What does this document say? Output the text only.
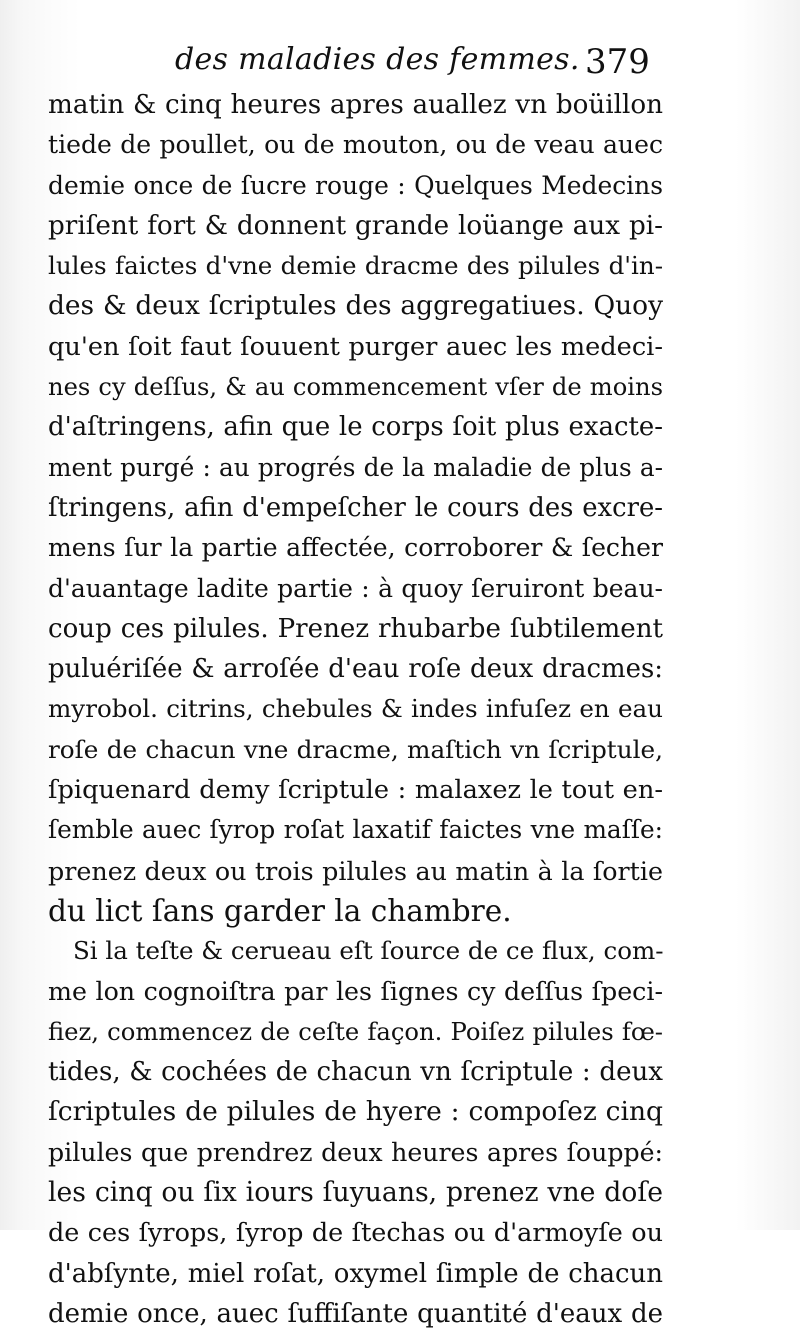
des maladies des femmes. 379
matin & cinq heures apres auallez vn boüillon
tiede de poullet, ou de mouton, ou de veau auec
demie once de ſucre rouge : Quelques Medecins
priſent fort & donnent grande loüange aux pi-
lules faictes d'vne demie dracme des pilules d'in-
des & deux ſcriptules des aggregatiues. Quoy
qu'en ſoit faut ſouuent purger auec les medeci-
nes cy deſſus, & au commencement vſer de moins
d'aſtringens, afin que le corps ſoit plus exacte-
ment purgé : au progrés de la maladie de plus a-
ſtringens, afin d'empeſcher le cours des excre-
mens ſur la partie affectée, corroborer & ſecher
d'auantage ladite partie : à quoy ſeruiront beau-
coup ces pilules. Prenez rhubarbe ſubtilement
puluériſée & arroſée d'eau roſe deux dracmes:
myrobol. citrins, chebules & indes infuſez en eau
roſe de chacun vne dracme, maſtich vn ſcriptule,
ſpiquenard demy ſcriptule : malaxez le tout en-
ſemble auec ſyrop roſat laxatif faictes vne maſſe:
prenez deux ou trois pilules au matin à la ſortie
du lict ſans garder la chambre.
Si la teſte & cerueau eſt ſource de ce flux, com-
me lon cognoiſtra par les ſignes cy deſſus ſpeci-
fiez, commencez de ceſte façon. Poiſez pilules fœ-
tides, & cochées de chacun vn ſcriptule : deux
ſcriptules de pilules de hyere : compoſez cinq
pilules que prendrez deux heures apres ſouppé:
les cinq ou ſix iours ſuyuans, prenez vne doſe
de ces ſyrops, ſyrop de ſtechas ou d'armoyſe ou
d'abſynte, miel roſat, oxymel ſimple de chacun
demie once, auec ſuffiſante quantité d'eaux de
